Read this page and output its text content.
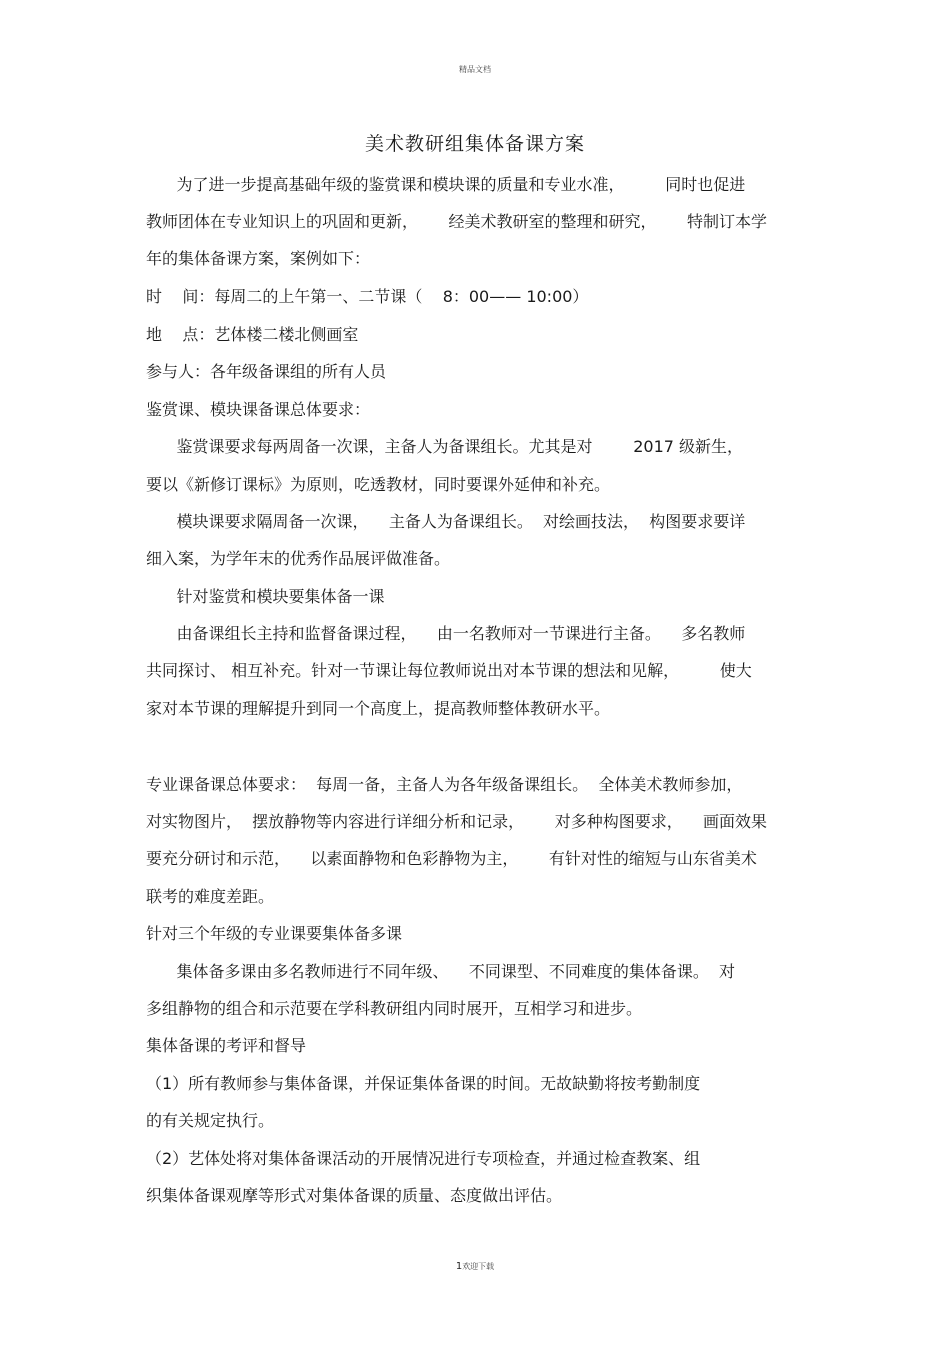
精品文档
美术教研组集体备课方案
为了进一步提高基础年级的鉴赏课和模块课的质量和专业水准，        同时也促进
教师团体在专业知识上的巩固和更新，      经美术教研室的整理和研究，      特制订本学
年的集体备课方案，案例如下：
时    间：每周二的上午第一、二节课（    8：00—— 10:00）
地    点：艺体楼二楼北侧画室
参与人：各年级备课组的所有人员
鉴赏课、模块课备课总体要求：
鉴赏课要求每两周备一次课，主备人为备课组长。尤其是对        2017 级新生，
要以《新修订课标》为原则，吃透教材，同时要课外延伸和补充。
模块课要求隔周备一次课，    主备人为备课组长。  对绘画技法，  构图要求要详
细入案，为学年末的优秀作品展评做准备。
针对鉴赏和模块要集体备一课
由备课组长主持和监督备课过程，    由一名教师对一节课进行主备。    多名教师
共同探讨、 相互补充。针对一节课让每位教师说出对本节课的想法和见解，        使大
家对本节课的理解提升到同一个高度上，提高教师整体教研水平。
专业课备课总体要求：  每周一备，主备人为各年级备课组长。  全体美术教师参加，
对实物图片，  摆放静物等内容进行详细分析和记录，      对多种构图要求，    画面效果
要充分研讨和示范，    以素面静物和色彩静物为主，      有针对性的缩短与山东省美术
联考的难度差距。
针对三个年级的专业课要集体备多课
集体备多课由多名教师进行不同年级、    不同课型、不同难度的集体备课。  对
多组静物的组合和示范要在学科教研组内同时展开，互相学习和进步。
集体备课的考评和督导
（1）所有教师参与集体备课，并保证集体备课的时间。无故缺勤将按考勤制度
的有关规定执行。
（2）艺体处将对集体备课活动的开展情况进行专项检查，并通过检查教案、组
织集体备课观摩等形式对集体备课的质量、态度做出评估。
1欢迎下载
